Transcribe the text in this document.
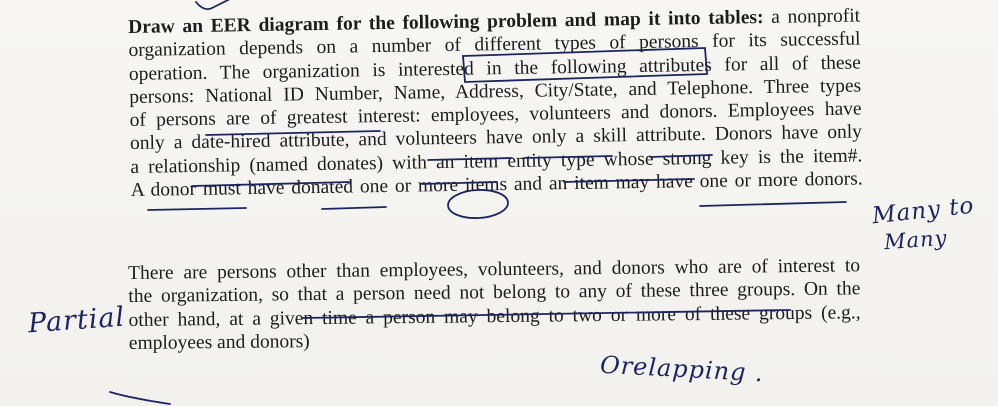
Draw an EER diagram for the following problem and map it into tables: a nonprofit
organization depends on a number of different types of persons for its successful
operation. The organization is interested in the following attributes for all of these
persons: National ID Number, Name, Address, City/State, and Telephone. Three types
of persons are of greatest interest: employees, volunteers and donors. Employees have
only a date-hired attribute, and volunteers have only a skill attribute. Donors have only
a relationship (named donates) with an item entity type whose strong key is the item#.
A donor must have donated one or more items and an item may have one or more donors.
There are persons other than employees, volunteers, and donors who are of interest to
the organization, so that a person need not belong to any of these three groups. On the
other hand, at a given time a person may belong to two or more of these groups (e.g.,
employees and donors)
Partial
Many to
Many
Orelapping .
